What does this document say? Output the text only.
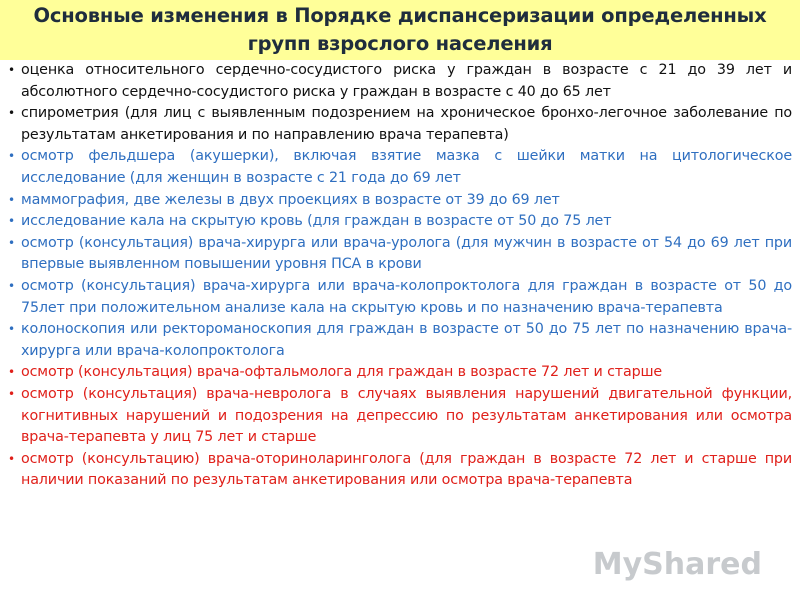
Основные изменения в Порядке диспансеризации определенных
групп взрослого населения
• оценка относительного сердечно-сосудистого риска у граждан в возрасте с 21 до 39 лет и абсолютного сердечно-сосудистого риска у граждан в возрасте с 40 до 65 лет
• спирометрия (для лиц с выявленным подозрением на хроническое бронхо-легочное заболевание по результатам анкетирования и по направлению врача терапевта)
• осмотр фельдшера (акушерки), включая взятие мазка с шейки матки на цитологическое исследование (для женщин в возрасте с 21 года до 69 лет
• маммография, две железы в двух проекциях в возрасте от 39 до 69 лет
• исследование кала на скрытую кровь (для граждан в возрасте от 50 до 75 лет
• осмотр (консультация) врача-хирурга или врача-уролога (для мужчин в возрасте от 54 до 69 лет при впервые выявленном повышении уровня ПСА в крови
• осмотр (консультация) врача-хирурга или врача-колопроктолога для граждан в возрасте от 50 до 75лет при положительном анализе кала на скрытую кровь и по назначению врача-терапевта
• колоноскопия или ректороманоскопия для граждан в возрасте от 50 до 75 лет по назначению врача-хирурга или врача-колопроктолога
• осмотр (консультация) врача-офтальмолога для граждан в возрасте 72 лет и старше
• осмотр (консультация) врача-невролога в случаях выявления нарушений двигательной функции, когнитивных нарушений и подозрения на депрессию по результатам анкетирования или осмотра врача-терапевта у лиц 75 лет и старше
• осмотр (консультацию) врача-оториноларинголога (для граждан в возрасте 72 лет и старше при наличии показаний по результатам анкетирования или осмотра врача-терапевта
MyShared
